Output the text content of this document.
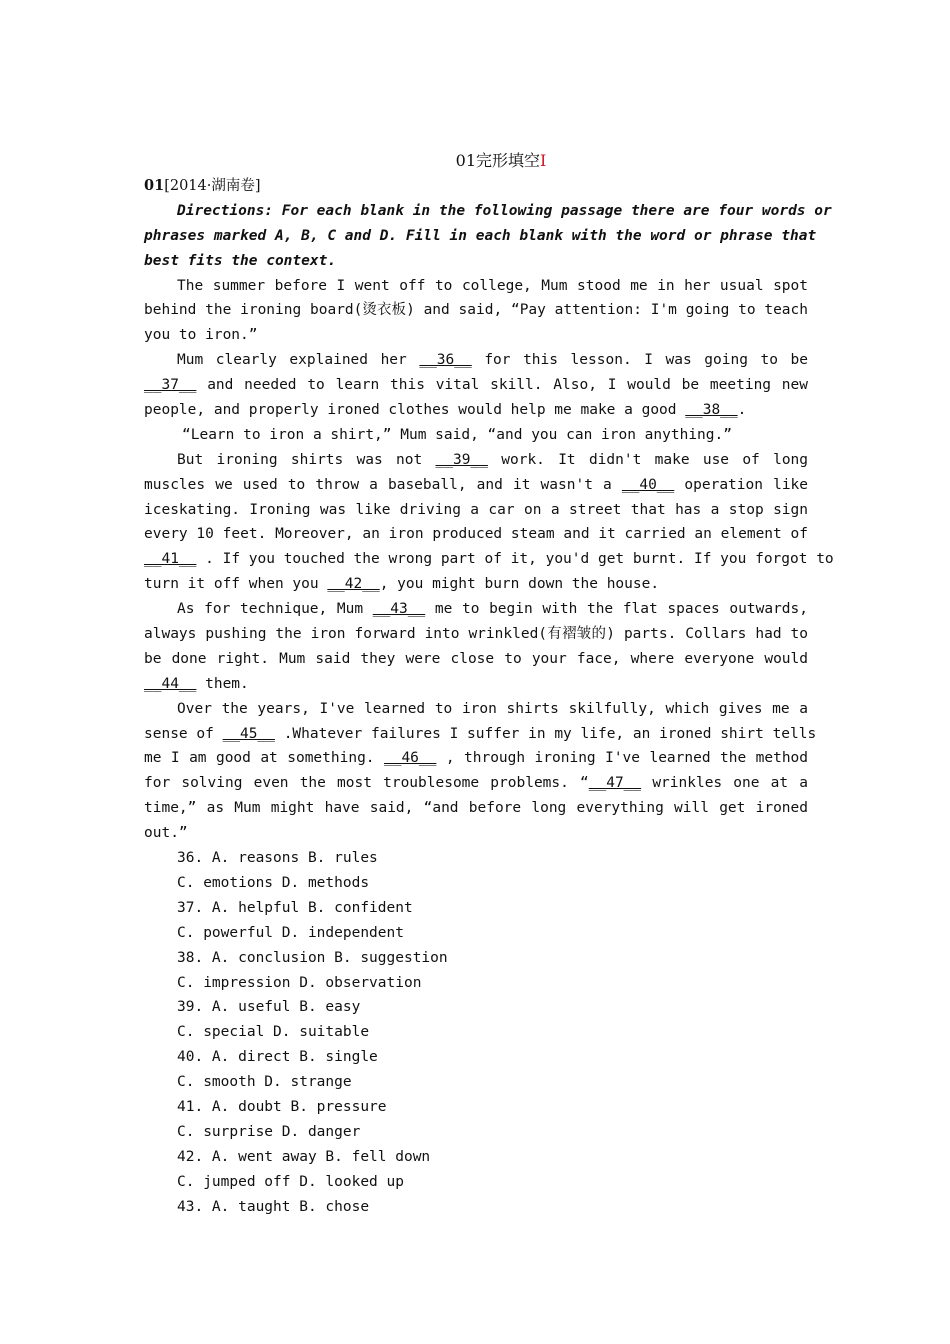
01完形填空Ⅰ
01[2014·湖南卷]
Directions: For each blank in the following passage there are four words or
phrases marked A, B, C and D. Fill in each blank with the word or phrase that
best fits the context.
The summer before I went off to college, Mum stood me in her usual spot
behind the ironing board(烫衣板) and said, “Pay attention: I'm going to teach
you to iron.”
Mum clearly explained her __36__ for this lesson. I was going to be
__37__ and needed to learn this vital skill. Also, I would be meeting new
people, and properly ironed clothes would help me make a good __38__.
“Learn to iron a shirt,” Mum said, “and you can iron anything.”
But ironing shirts was not __39__ work. It didn't make use of long
muscles we used to throw a baseball, and it wasn't a __40__ operation like
iceskating. Ironing was like driving a car on a street that has a stop sign
every 10 feet. Moreover, an iron produced steam and it carried an element of
__41__ . If you touched the wrong part of it, you'd get burnt. If you forgot to
turn it off when you __42__, you might burn down the house.
As for technique, Mum __43__ me to begin with the flat spaces outwards,
always pushing the iron forward into wrinkled(有褶皱的) parts. Collars had to
be done right. Mum said they were close to your face, where everyone would
__44__ them.
Over the years, I've learned to iron shirts skilfully, which gives me a
sense of __45__ .Whatever failures I suffer in my life, an ironed shirt tells
me I am good at something. __46__ , through ironing I've learned the method
for solving even the most troublesome problems. “__47__ wrinkles one at a
time,” as Mum might have said, “and before long everything will get ironed
out.”
36. A. reasons B. rules
C. emotions D. methods
37. A. helpful B. confident
C. powerful D. independent
38. A. conclusion B. suggestion
C. impression D. observation
39. A. useful B. easy
C. special D. suitable
40. A. direct B. single
C. smooth D. strange
41. A. doubt B. pressure
C. surprise D. danger
42. A. went away B. fell down
C. jumped off D. looked up
43. A. taught B. chose
